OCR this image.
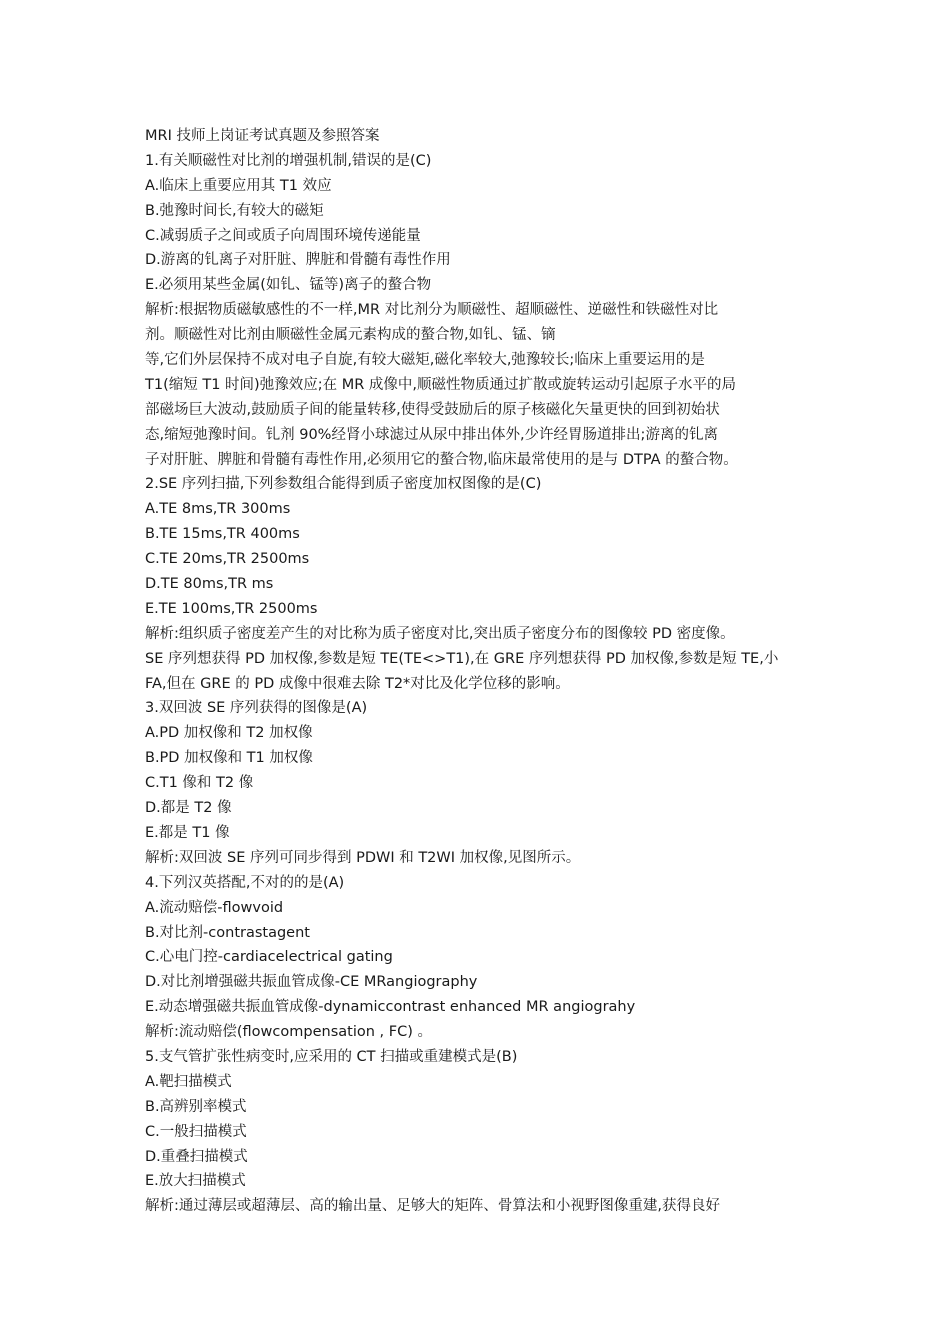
MRI 技师上岗证考试真题及参照答案
1.有关顺磁性对比剂的增强机制,错误的是(C)
A.临床上重要应用其 T1 效应
B.弛豫时间长,有较大的磁矩
C.减弱质子之间或质子向周围环境传递能量
D.游离的钆离子对肝脏、脾脏和骨髓有毒性作用
E.必须用某些金属(如钆、锰等)离子的螯合物
解析:根据物质磁敏感性的不一样,MR 对比剂分为顺磁性、超顺磁性、逆磁性和铁磁性对比
剂。顺磁性对比剂由顺磁性金属元素构成的螯合物,如钆、锰、镝
等,它们外层保持不成对电子自旋,有较大磁矩,磁化率较大,弛豫较长;临床上重要运用的是
T1(缩短 T1 时间)弛豫效应;在 MR 成像中,顺磁性物质通过扩散或旋转运动引起原子水平的局
部磁场巨大波动,鼓励质子间的能量转移,使得受鼓励后的原子核磁化矢量更快的回到初始状
态,缩短弛豫时间。钆剂 90%经肾小球滤过从尿中排出体外,少许经胃肠道排出;游离的钆离
子对肝脏、脾脏和骨髓有毒性作用,必须用它的螯合物,临床最常使用的是与 DTPA 的螯合物。
2.SE 序列扫描,下列参数组合能得到质子密度加权图像的是(C)
A.TE 8ms,TR 300ms
B.TE 15ms,TR 400ms
C.TE 20ms,TR 2500ms
D.TE 80ms,TR ms
E.TE 100ms,TR 2500ms
解析:组织质子密度差产生的对比称为质子密度对比,突出质子密度分布的图像较 PD 密度像。
SE 序列想获得 PD 加权像,参数是短 TE(TE<>T1),在 GRE 序列想获得 PD 加权像,参数是短 TE,小
FA,但在 GRE 的 PD 成像中很难去除 T2*对比及化学位移的影响。
3.双回波 SE 序列获得的图像是(A)
A.PD 加权像和 T2 加权像
B.PD 加权像和 T1 加权像
C.T1 像和 T2 像
D.都是 T2 像
E.都是 T1 像
解析:双回波 SE 序列可同步得到 PDWI 和 T2WI 加权像,见图所示。
4.下列汉英搭配,不对的的是(A)
A.流动赔偿-flowvoid
B.对比剂-contrastagent
C.心电门控-cardiacelectrical gating
D.对比剂增强磁共振血管成像-CE MRangiography
E.动态增强磁共振血管成像-dynamiccontrast enhanced MR angiograhy
解析:流动赔偿(flowcompensation , FC) 。
5.支气管扩张性病变时,应采用的 CT 扫描或重建模式是(B)
A.靶扫描模式
B.高辨别率模式
C.一般扫描模式
D.重叠扫描模式
E.放大扫描模式
解析:通过薄层或超薄层、高的输出量、足够大的矩阵、骨算法和小视野图像重建,获得良好
